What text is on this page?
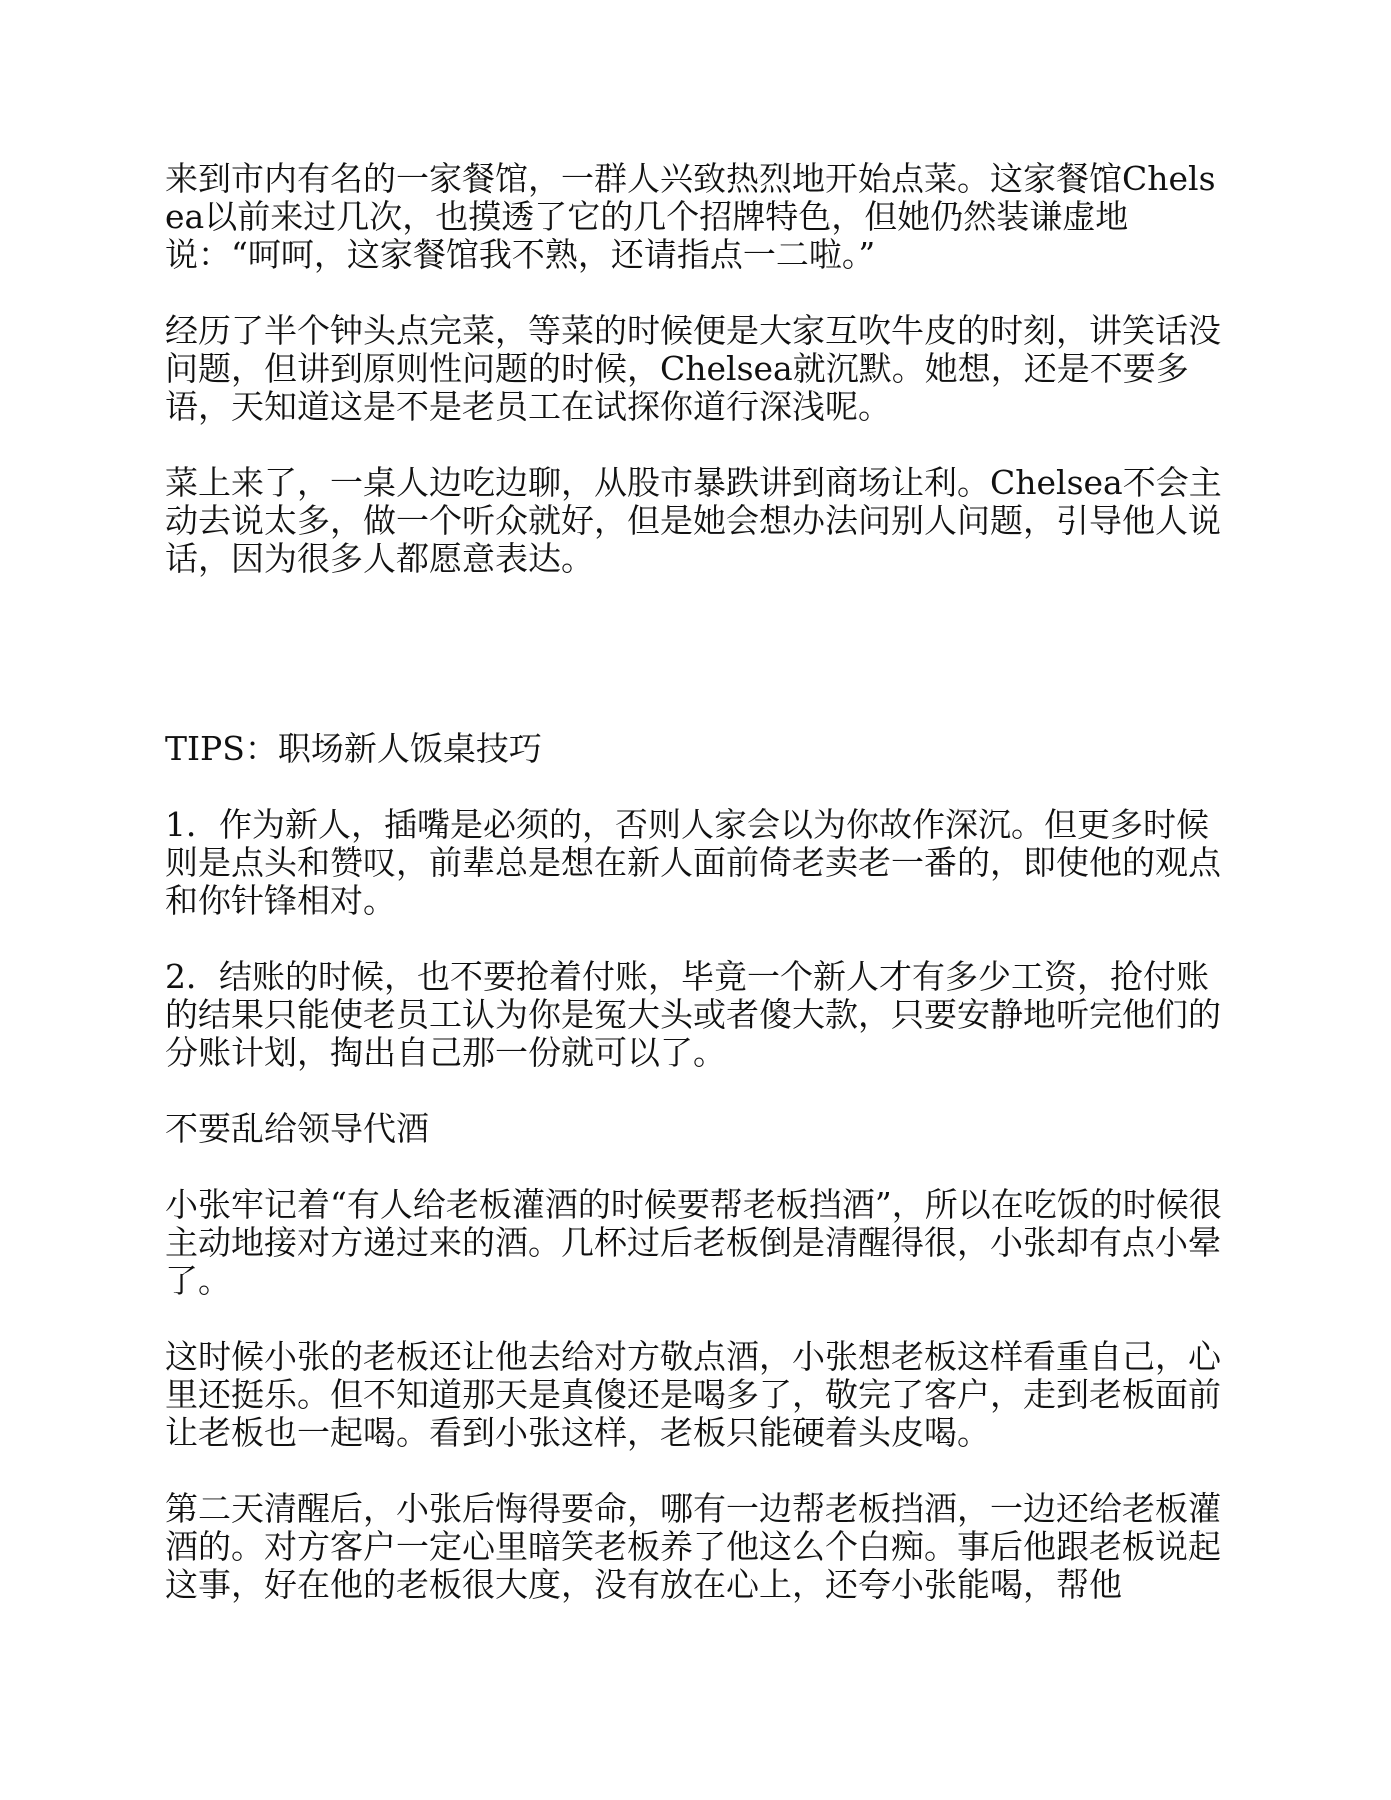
来到市内有名的一家餐馆，一群人兴致热烈地开始点菜。这家餐馆Chelsea以前来过几次，也摸透了它的几个招牌特色，但她仍然装谦虚地说：“呵呵，这家餐馆我不熟，还请指点一二啦。”

经历了半个钟头点完菜，等菜的时候便是大家互吹牛皮的时刻，讲笑话没问题，但讲到原则性问题的时候，Chelsea就沉默。她想，还是不要多语，天知道这是不是老员工在试探你道行深浅呢。

菜上来了，一桌人边吃边聊，从股市暴跌讲到商场让利。Chelsea不会主动去说太多，做一个听众就好，但是她会想办法问别人问题，引导他人说话，因为很多人都愿意表达。

TIPS：职场新人饭桌技巧

1．作为新人，插嘴是必须的，否则人家会以为你故作深沉。但更多时候则是点头和赞叹，前辈总是想在新人面前倚老卖老一番的，即使他的观点和你针锋相对。

2．结账的时候，也不要抢着付账，毕竟一个新人才有多少工资，抢付账的结果只能使老员工认为你是冤大头或者傻大款，只要安静地听完他们的分账计划，掏出自己那一份就可以了。

不要乱给领导代酒

小张牢记着“有人给老板灌酒的时候要帮老板挡酒”，所以在吃饭的时候很主动地接对方递过来的酒。几杯过后老板倒是清醒得很，小张却有点小晕了。

这时候小张的老板还让他去给对方敬点酒，小张想老板这样看重自己，心里还挺乐。但不知道那天是真傻还是喝多了，敬完了客户，走到老板面前让老板也一起喝。看到小张这样，老板只能硬着头皮喝。

第二天清醒后，小张后悔得要命，哪有一边帮老板挡酒，一边还给老板灌酒的。对方客户一定心里暗笑老板养了他这么个白痴。事后他跟老板说起这事，好在他的老板很大度，没有放在心上，还夸小张能喝，帮他
